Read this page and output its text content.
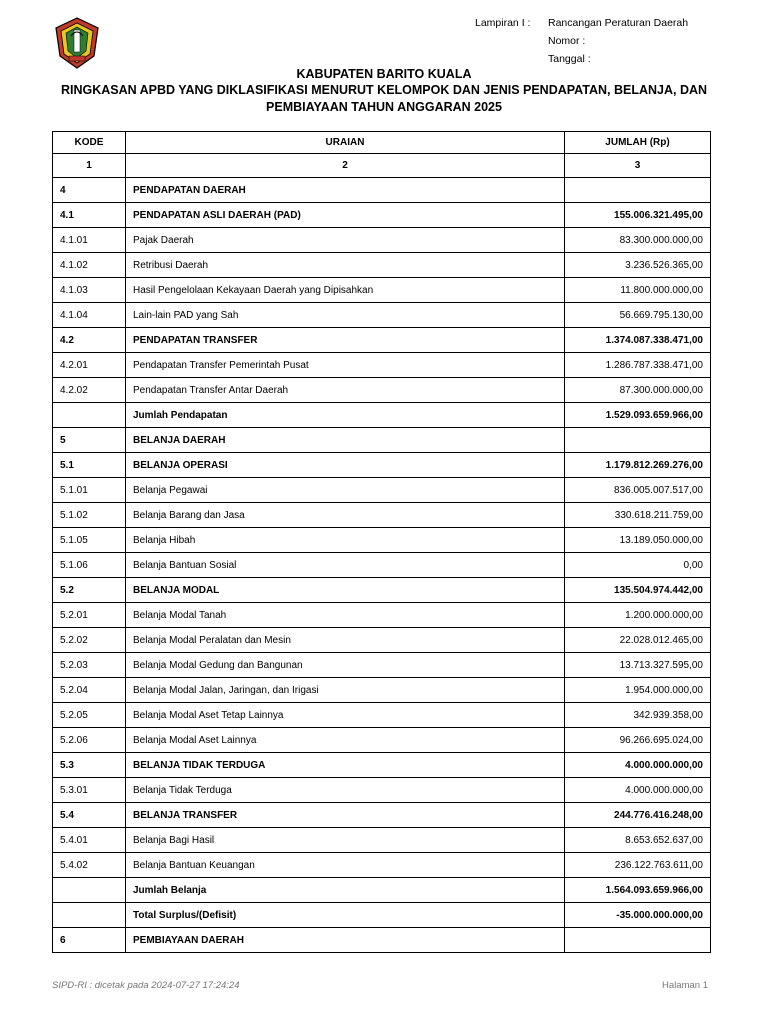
Lampiran I :	Rancangan Peraturan Daerah
Nomor :
Tanggal :
KABUPATEN BARITO KUALA
RINGKASAN APBD YANG DIKLASIFIKASI MENURUT KELOMPOK DAN JENIS PENDAPATAN, BELANJA, DAN
PEMBIAYAAN TAHUN ANGGARAN 2025
KODE	URAIAN	JUMLAH (Rp)
1	2	3
4	PENDAPATAN DAERAH	
4.1	PENDAPATAN ASLI DAERAH (PAD)	155.006.321.495,00
4.1.01	Pajak Daerah	83.300.000.000,00
4.1.02	Retribusi Daerah	3.236.526.365,00
4.1.03	Hasil Pengelolaan Kekayaan Daerah yang Dipisahkan	11.800.000.000,00
4.1.04	Lain-lain PAD yang Sah	56.669.795.130,00
4.2	PENDAPATAN TRANSFER	1.374.087.338.471,00
4.2.01	Pendapatan Transfer Pemerintah Pusat	1.286.787.338.471,00
4.2.02	Pendapatan Transfer Antar Daerah	87.300.000.000,00
	Jumlah Pendapatan	1.529.093.659.966,00
5	BELANJA DAERAH	
5.1	BELANJA OPERASI	1.179.812.269.276,00
5.1.01	Belanja Pegawai	836.005.007.517,00
5.1.02	Belanja Barang dan Jasa	330.618.211.759,00
5.1.05	Belanja Hibah	13.189.050.000,00
5.1.06	Belanja Bantuan Sosial	0,00
5.2	BELANJA MODAL	135.504.974.442,00
5.2.01	Belanja Modal Tanah	1.200.000.000,00
5.2.02	Belanja Modal Peralatan dan Mesin	22.028.012.465,00
5.2.03	Belanja Modal Gedung dan Bangunan	13.713.327.595,00
5.2.04	Belanja Modal Jalan, Jaringan, dan Irigasi	1.954.000.000,00
5.2.05	Belanja Modal Aset Tetap Lainnya	342.939.358,00
5.2.06	Belanja Modal Aset Lainnya	96.266.695.024,00
5.3	BELANJA TIDAK TERDUGA	4.000.000.000,00
5.3.01	Belanja Tidak Terduga	4.000.000.000,00
5.4	BELANJA TRANSFER	244.776.416.248,00
5.4.01	Belanja Bagi Hasil	8.653.652.637,00
5.4.02	Belanja Bantuan Keuangan	236.122.763.611,00
	Jumlah Belanja	1.564.093.659.966,00
	Total Surplus/(Defisit)	-35.000.000.000,00
6	PEMBIAYAAN DAERAH	
SIPD-RI : dicetak pada 2024-07-27 17:24:24	Halaman 1
